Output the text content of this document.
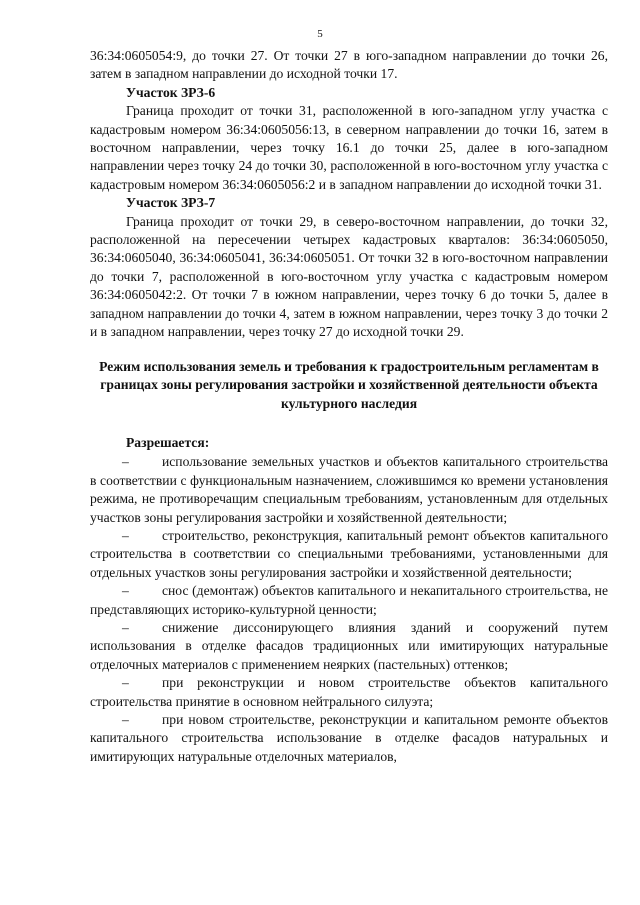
5

36:34:0605054:9, до точки 27. От точки 27 в юго-западном направлении до точки 26, затем в западном направлении до исходной точки 17.

Участок ЗРЗ-6

Граница проходит от точки 31, расположенной в юго-западном углу участка с кадастровым номером 36:34:0605056:13, в северном направлении до точки 16, затем в восточном направлении, через точку 16.1 до точки 25, далее в юго-западном направлении через точку 24 до точки 30, расположенной в юго-восточном углу участка с кадастровым номером 36:34:0605056:2 и в западном направлении до исходной точки 31.

Участок ЗРЗ-7

Граница проходит от точки 29, в северо-восточном направлении, до точки 32, расположенной на пересечении четырех кадастровых кварталов: 36:34:0605050, 36:34:0605040, 36:34:0605041, 36:34:0605051. От точки 32 в юго-восточном направлении до точки 7, расположенной в юго-восточном углу участка с кадастровым номером 36:34:0605042:2. От точки 7 в южном направлении, через точку 6 до точки 5, далее в западном направлении до точки 4, затем в южном направлении, через точку 3 до точки 2 и в западном направлении, через точку 27 до исходной точки 29.

Режим использования земель и требования к градостроительным регламентам в границах зоны регулирования застройки и хозяйственной деятельности объекта культурного наследия

Разрешается:

– использование земельных участков и объектов капитального строительства в соответствии с функциональным назначением, сложившимся ко времени установления режима, не противоречащим специальным требованиям, установленным для отдельных участков зоны регулирования застройки и хозяйственной деятельности;

– строительство, реконструкция, капитальный ремонт объектов капитального строительства в соответствии со специальными требованиями, установленными для отдельных участков зоны регулирования застройки и хозяйственной деятельности;

– снос (демонтаж) объектов капитального и некапитального строительства, не представляющих историко-культурной ценности;

– снижение диссонирующего влияния зданий и сооружений путем использования в отделке фасадов традиционных или имитирующих натуральные отделочных материалов с применением неярких (пастельных) оттенков;

– при реконструкции и новом строительстве объектов капитального строительства принятие в основном нейтрального силуэта;

– при новом строительстве, реконструкции и капитальном ремонте объектов капитального строительства использование в отделке фасадов натуральных и имитирующих натуральные отделочных материалов,
